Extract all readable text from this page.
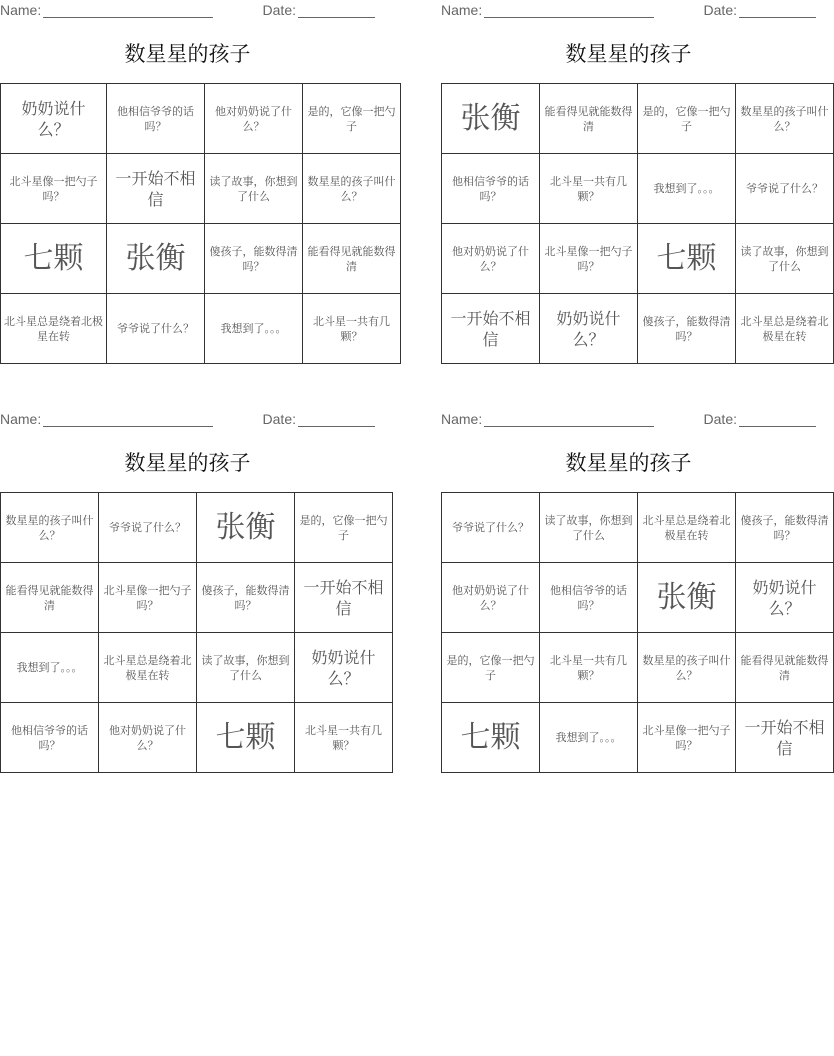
Name:	Date:
数星星的孩子
奶奶说什么？	他相信爷爷的话吗？	他对奶奶说了什么？	是的，它像一把勺子
北斗星像一把勺子吗？	一开始不相信	读了故事，你想到了什么	数星星的孩子叫什么？
七颗	张衡	傻孩子，能数得清吗？	能看得见就能数得清
北斗星总是绕着北极星在转	爷爷说了什么？	我想到了。。。	北斗星一共有几颗？
Name:	Date:
数星星的孩子
张衡	能看得见就能数得清	是的，它像一把勺子	数星星的孩子叫什么？
他相信爷爷的话吗？	北斗星一共有几颗？	我想到了。。。	爷爷说了什么？
他对奶奶说了什么？	北斗星像一把勺子吗？	七颗	读了故事，你想到了什么
一开始不相信	奶奶说什么？	傻孩子，能数得清吗？	北斗星总是绕着北极星在转
Name:	Date:
数星星的孩子
数星星的孩子叫什么？	爷爷说了什么？	张衡	是的，它像一把勺子
能看得见就能数得清	北斗星像一把勺子吗？	傻孩子，能数得清吗？	一开始不相信
我想到了。。。	北斗星总是绕着北极星在转	读了故事，你想到了什么	奶奶说什么？
他相信爷爷的话吗？	他对奶奶说了什么？	七颗	北斗星一共有几颗？
Name:	Date:
数星星的孩子
爷爷说了什么？	读了故事，你想到了什么	北斗星总是绕着北极星在转	傻孩子，能数得清吗？
他对奶奶说了什么？	他相信爷爷的话吗？	张衡	奶奶说什么？
是的，它像一把勺子	北斗星一共有几颗？	数星星的孩子叫什么？	能看得见就能数得清
七颗	我想到了。。。	北斗星像一把勺子吗？	一开始不相信
